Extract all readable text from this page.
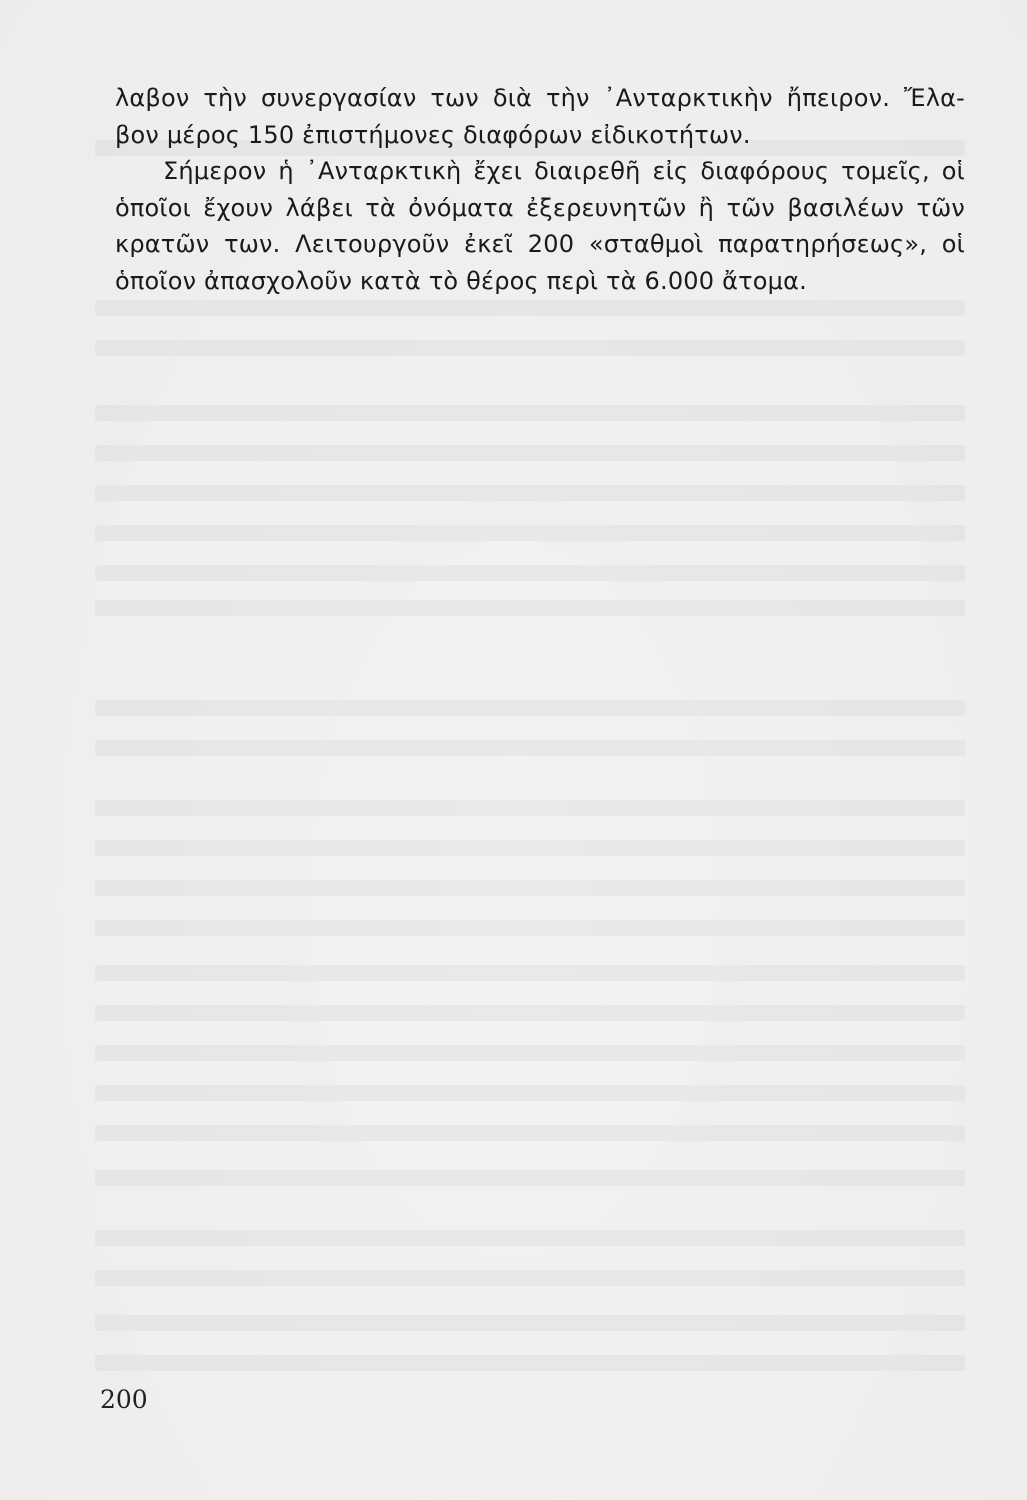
λαβον τὴν συνεργασίαν των διὰ τὴν ᾽Ανταρκτικὴν ἤπειρον. Ἔλα-
βον μέρος 150 ἐπιστήμονες διαφόρων εἰδικοτήτων.
Σήμερον ἡ ᾽Ανταρκτικὴ ἔχει διαιρεθῆ εἰς διαφόρους τομεῖς, οἱ
ὁποῖοι ἔχουν λάβει τὰ ὀνόματα ἐξερευνητῶν ἢ τῶν βασιλέων τῶν
κρατῶν των. Λειτουργοῦν ἐκεῖ 200 «σταθμοὶ παρατηρήσεως», οἱ
ὁποῖον ἀπασχολοῦν κατὰ τὸ θέρος περὶ τὰ 6.000 ἄτομα.
200
